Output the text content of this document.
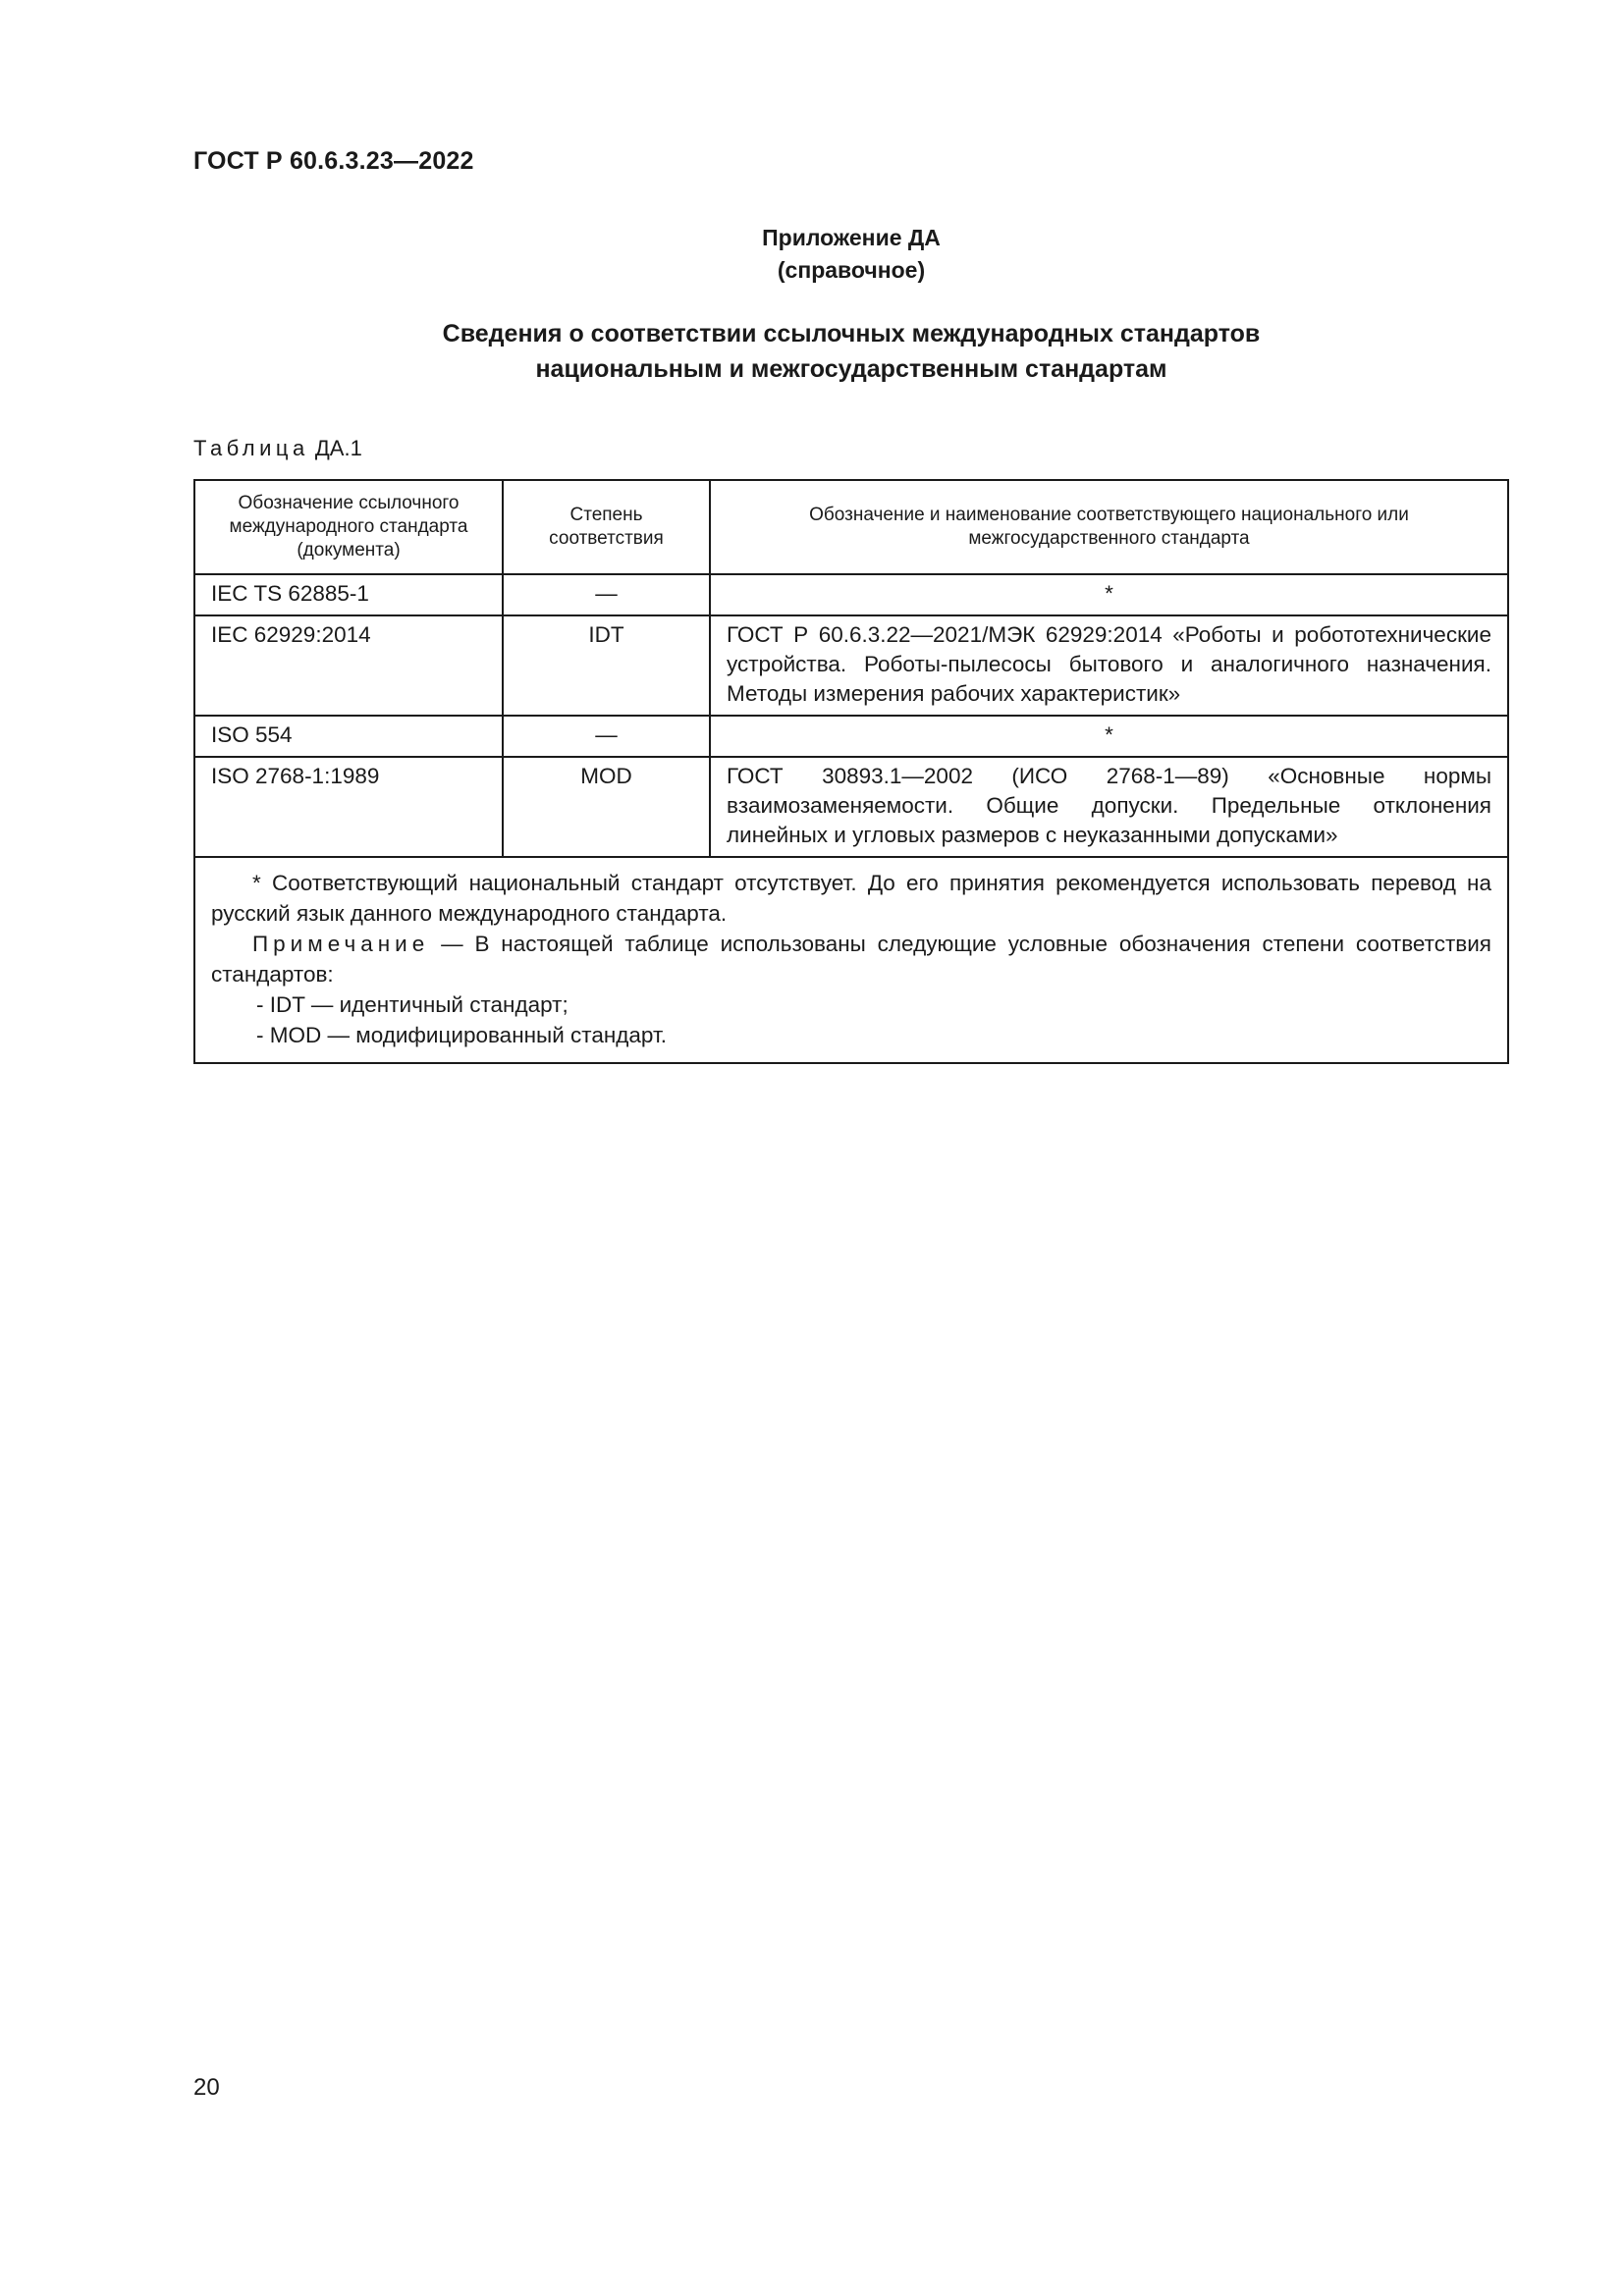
ГОСТ Р 60.6.3.23—2022
Приложение ДА
(справочное)
Сведения о соответствии ссылочных международных стандартов
национальным и межгосударственным стандартам
Таблица ДА.1
Обозначение ссылочного международного стандарта (документа)	Степень соответствия	Обозначение и наименование соответствующего национального или межгосударственного стандарта
IEC TS 62885-1	—	*
IEC 62929:2014	IDT	ГОСТ Р 60.6.3.22—2021/МЭК 62929:2014 «Роботы и робототехнические устройства. Роботы-пылесосы бытового и аналогичного назначения. Методы измерения рабочих характеристик»
ISO 554	—	*
ISO 2768-1:1989	MOD	ГОСТ 30893.1—2002 (ИСО 2768-1—89) «Основные нормы взаимозаменяемости. Общие допуски. Предельные отклонения линейных и угловых размеров с неуказанными допусками»

* Соответствующий национальный стандарт отсутствует. До его принятия рекомендуется использовать перевод на русский язык данного международного стандарта.

Примечание — В настоящей таблице использованы следующие условные обозначения степени соответствия стандартов:

- IDT — идентичный стандарт;

- MOD — модифицированный стандарт.		

20
